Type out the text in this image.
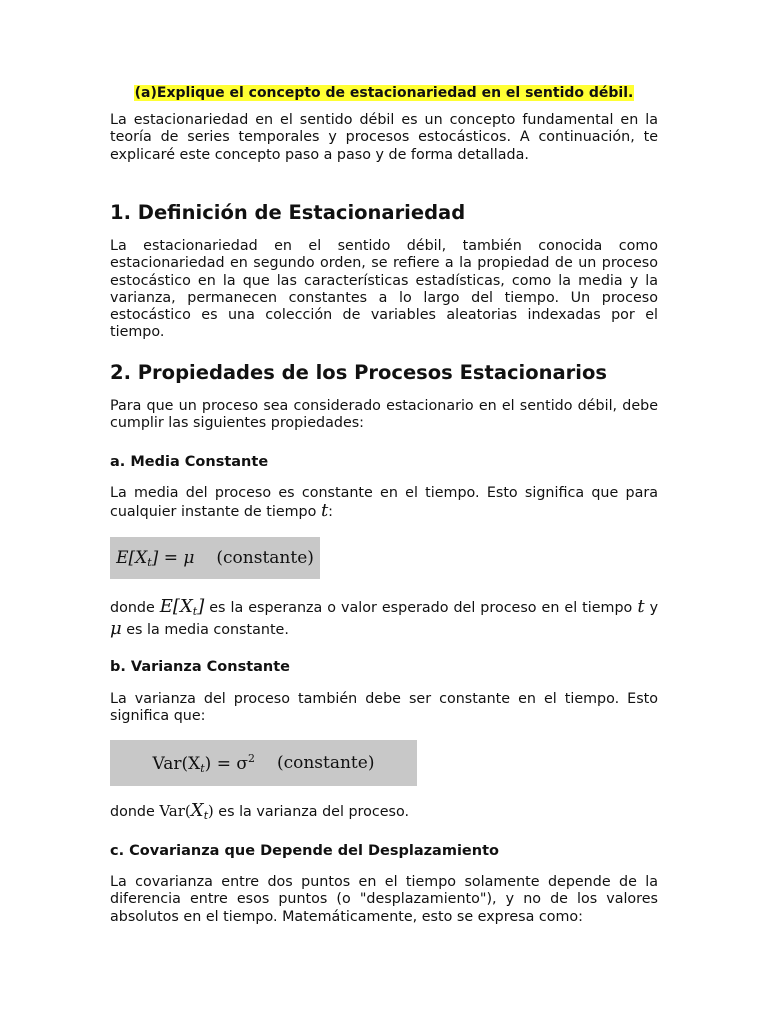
(a)Explique el concepto de estacionariedad en el sentido débil.

La estacionariedad en el sentido débil es un concepto fundamental en la teoría de series temporales y procesos estocásticos. A continuación, te explicaré este concepto paso a paso y de forma detallada.

1. Definición de Estacionariedad

La estacionariedad en el sentido débil, también conocida como estacionariedad en segundo orden, se refiere a la propiedad de un proceso estocástico en la que las características estadísticas, como la media y la varianza, permanecen constantes a lo largo del tiempo. Un proceso estocástico es una colección de variables aleatorias indexadas por el tiempo.

2. Propiedades de los Procesos Estacionarios

Para que un proceso sea considerado estacionario en el sentido débil, debe cumplir las siguientes propiedades:

a. Media Constante

La media del proceso es constante en el tiempo. Esto significa que para cualquier instante de tiempo t:

$E[X_t] = \mu$ (constante)

donde $E[X_t]$ es la esperanza o valor esperado del proceso en el tiempo t y μ es la media constante.

b. Varianza Constante

La varianza del proceso también debe ser constante en el tiempo. Esto significa que:

$Var(X_t) = \sigma^2$ (constante)

donde $Var(X_t)$ es la varianza del proceso.

c. Covarianza que Depende del Desplazamiento

La covarianza entre dos puntos en el tiempo solamente depende de la diferencia entre esos puntos (o "desplazamiento"), y no de los valores absolutos en el tiempo. Matemáticamente, esto se expresa como:
